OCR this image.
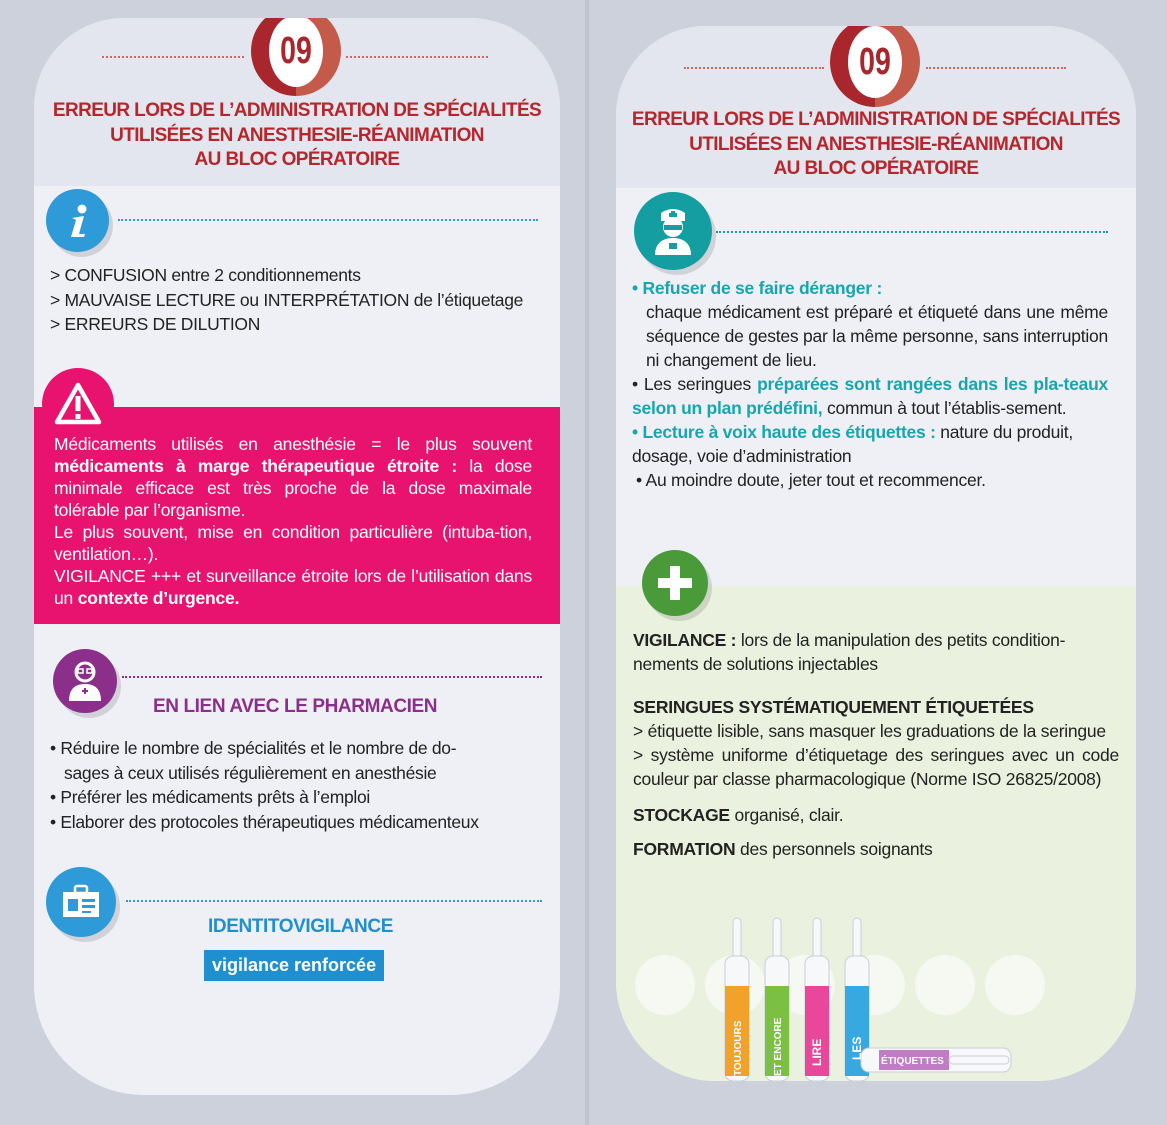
09
ERREUR LORS DE L’ADMINISTRATION DE SPÉCIALITÉS
UTILISÉES EN ANESTHESIE-RÉANIMATION
AU BLOC OPÉRATOIRE
> CONFUSION entre 2 conditionnements
> MAUVAISE LECTURE ou INTERPRÉTATION de l’étiquetage
> ERREURS DE DILUTION
Médicaments utilisés en anesthésie = le plus souvent médicaments à marge thérapeutique étroite : la dose minimale efficace est très proche de la dose maximale tolérable par l’organisme.
Le plus souvent, mise en condition particulière (intuba-tion, ventilation…).
VIGILANCE +++ et surveillance étroite lors de l’utilisation dans un contexte d’urgence.
EN LIEN AVEC LE PHARMACIEN
• Réduire le nombre de spécialités et le nombre de do-
sages à ceux utilisés régulièrement en anesthésie
• Préférer les médicaments prêts à l’emploi
• Elaborer des protocoles thérapeutiques médicamenteux
IDENTITOVIGILANCE
vigilance renforcée
09
ERREUR LORS DE L’ADMINISTRATION DE SPÉCIALITÉS
UTILISÉES EN ANESTHESIE-RÉANIMATION
AU BLOC OPÉRATOIRE
• Refuser de se faire déranger :
chaque médicament est préparé et étiqueté dans une même séquence de gestes par la même personne, sans interruption ni changement de lieu.
• Les seringues préparées sont rangées dans les pla-teaux selon un plan prédéfini, commun à tout l’établis-sement.
• Lecture à voix haute des étiquettes : nature du produit, dosage, voie d’administration
• Au moindre doute, jeter tout et recommencer.
VIGILANCE : lors de la manipulation des petits condition-nements de solutions injectables
SERINGUES SYSTÉMATIQUEMENT ÉTIQUETÉES
> étiquette lisible, sans masquer les graduations de la seringue
> système uniforme d’étiquetage des seringues avec un code couleur par classe pharmacologique (Norme ISO 26825/2008)
STOCKAGE organisé, clair.
FORMATION des personnels soignants
TOUJOURS	ET ENCORE LIRE LES
ÉTIQUETTES
